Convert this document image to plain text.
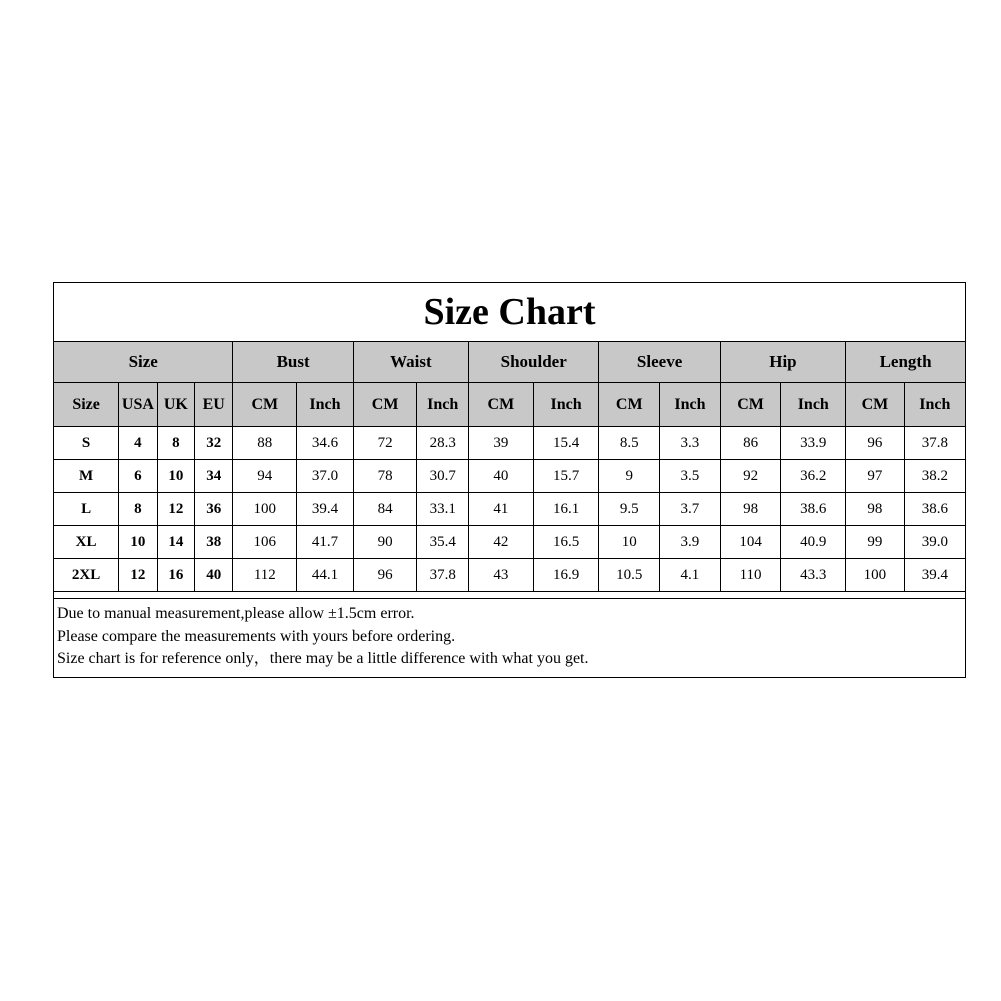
Size Chart
Size				Bust		Waist		Shoulder		Sleeve		Hip		Length	
Size	USA	UK	EU	CM	Inch	CM	Inch	CM	Inch	CM	Inch	CM	Inch	CM	Inch
S	4	8	32	88	34.6	72	28.3	39	15.4	8.5	3.3	86	33.9	96	37.8
M	6	10	34	94	37.0	78	30.7	40	15.7	9	3.5	92	36.2	97	38.2
L	8	12	36	100	39.4	84	33.1	41	16.1	9.5	3.7	98	38.6	98	38.6
XL	10	14	38	106	41.7	90	35.4	42	16.5	10	3.9	104	40.9	99	39.0
2XL	12	16	40	112	44.1	96	37.8	43	16.9	10.5	4.1	110	43.3	100	39.4
Due to manual measurement,please allow ±1.5cm error.
Please compare the measurements with yours before ordering.
Size chart is for reference only，there may be a little difference with what you get.
